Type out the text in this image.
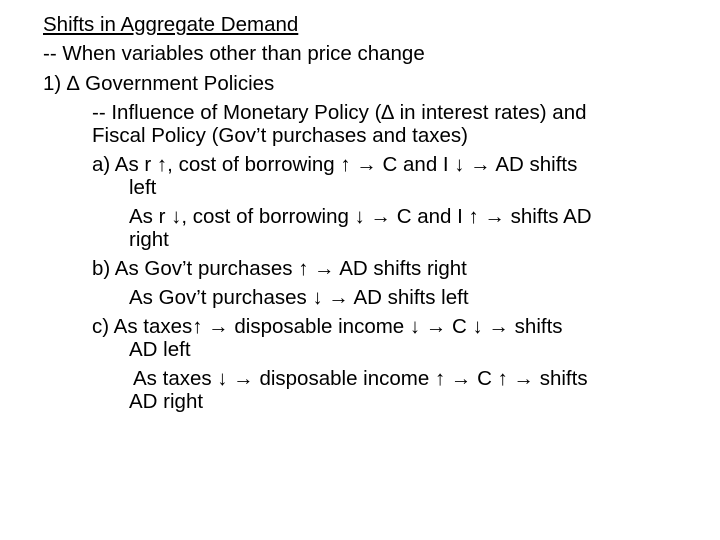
Shifts in Aggregate Demand
-- When variables other than price change
1) ∆ Government Policies
-- Influence of Monetary Policy (∆ in interest rates) and
Fiscal Policy (Gov’t purchases and taxes)
a) As r ↑, cost of borrowing ↑ → C and I ↓ → AD shifts
left
As r ↓, cost of borrowing ↓ → C and I ↑ → shifts AD
right
b) As Gov’t purchases ↑ → AD shifts right
As Gov’t purchases ↓ → AD shifts left
c) As taxes↑ → disposable income ↓ → C ↓ → shifts
AD left
As taxes ↓ → disposable income ↑ → C ↑ → shifts
AD right
